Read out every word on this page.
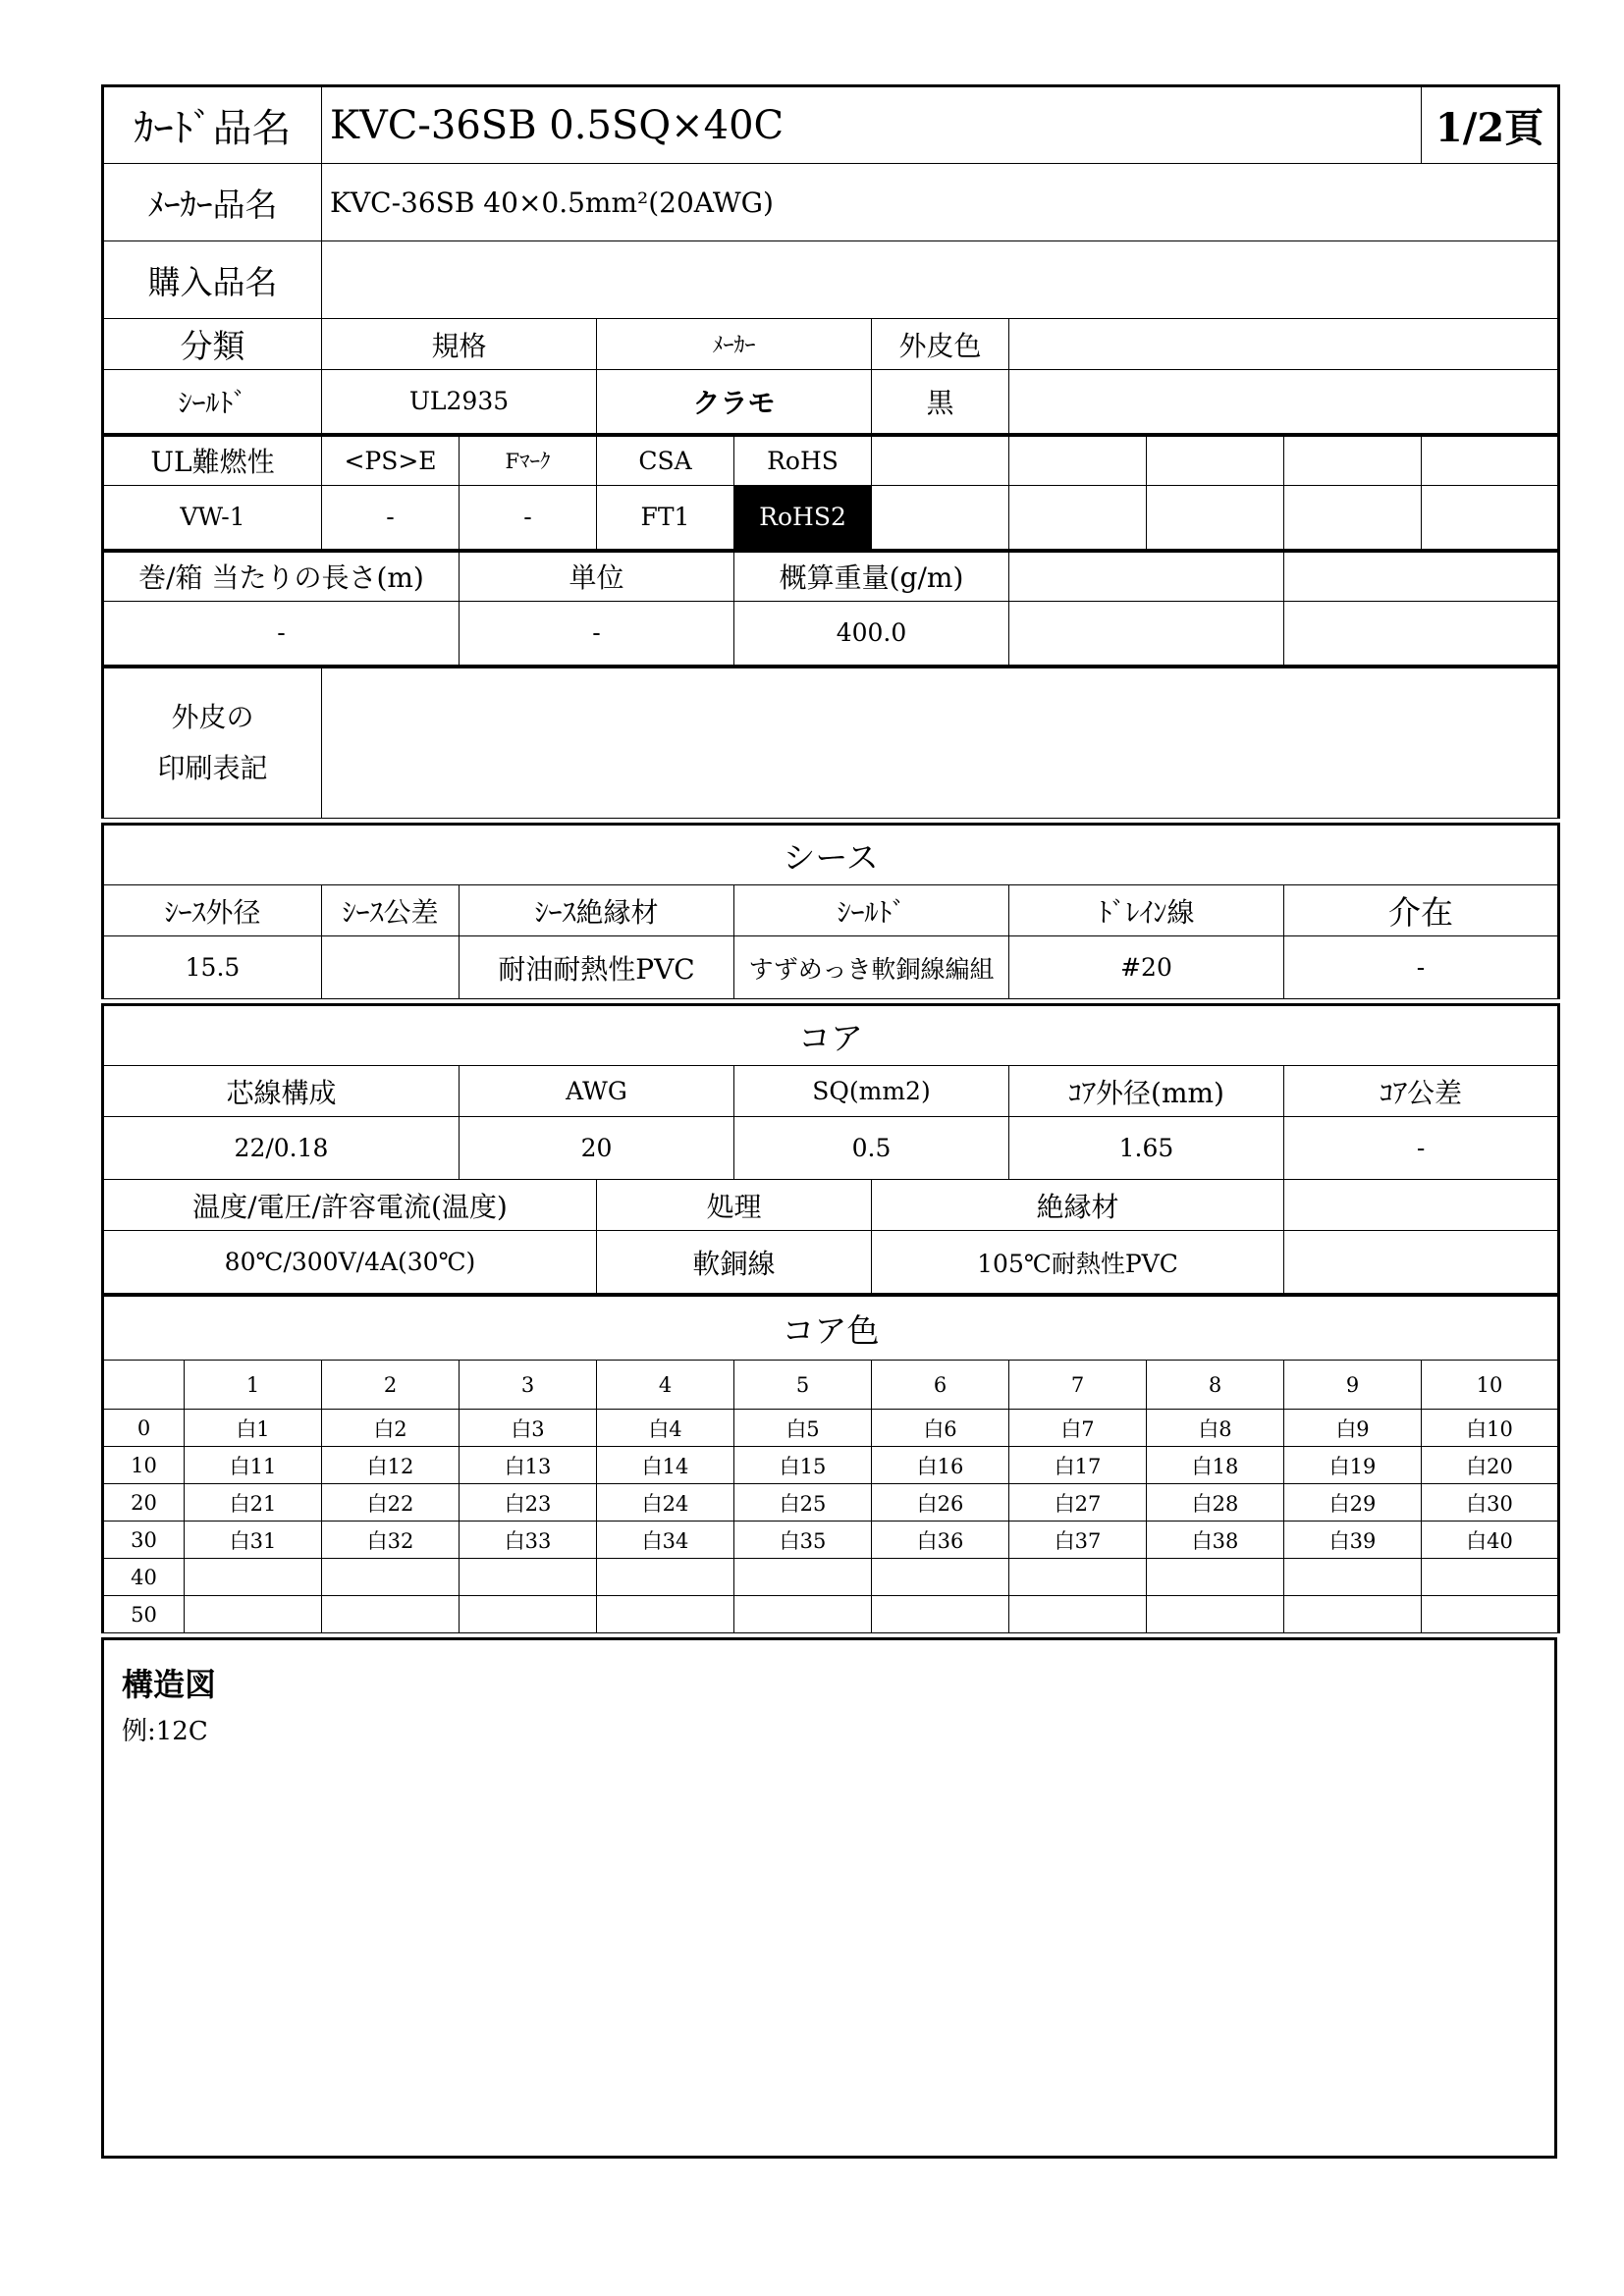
ｶｰﾄﾞ品名	KVC-36SB 0.5SQ×40C								1/2頁
ﾒｰｶｰ品名	KVC-36SB 40×0.5mm²(20AWG)								
購入品名									
分類	規格		ﾒｰｶｰ		外皮色				
ｼｰﾙﾄﾞ	UL2935		クラモ		黒				
UL難燃性	<PS>E	Fﾏｰｸ	CSA	RoHS					
VW-1	-	-	FT1	RoHS2					
巻/箱 当たりの長さ(m)		単位		概算重量(g/m)					
-		-		400.0					

外皮の
印刷表記									

シース					
ｼｰｽ外径	ｼｰｽ公差	ｼｰｽ絶縁材	ｼｰﾙﾄﾞ	ﾄﾞﾚｲﾝ線	介在
15.5		耐油耐熱性PVC	すずめっき軟銅線編組	#20	-
コア						
芯線構成	AWG		SQ(mm2)		ｺｱ外径(mm)	ｺｱ公差
22/0.18	20		0.5		1.65	-
温度/電圧/許容電流(温度)		処理		絶縁材		
80℃/300V/4A(30℃)		軟銅線		105℃耐熱性PVC		
コア色										
	1	2	3	4	5	6	7	8	9	10
0	白1	白2	白3	白4	白5	白6	白7	白8	白9	白10
10	白11	白12	白13	白14	白15	白16	白17	白18	白19	白20
20	白21	白22	白23	白24	白25	白26	白27	白28	白29	白30
30	白31	白32	白33	白34	白35	白36	白37	白38	白39	白40
40										
50										
構造図
例:12C
